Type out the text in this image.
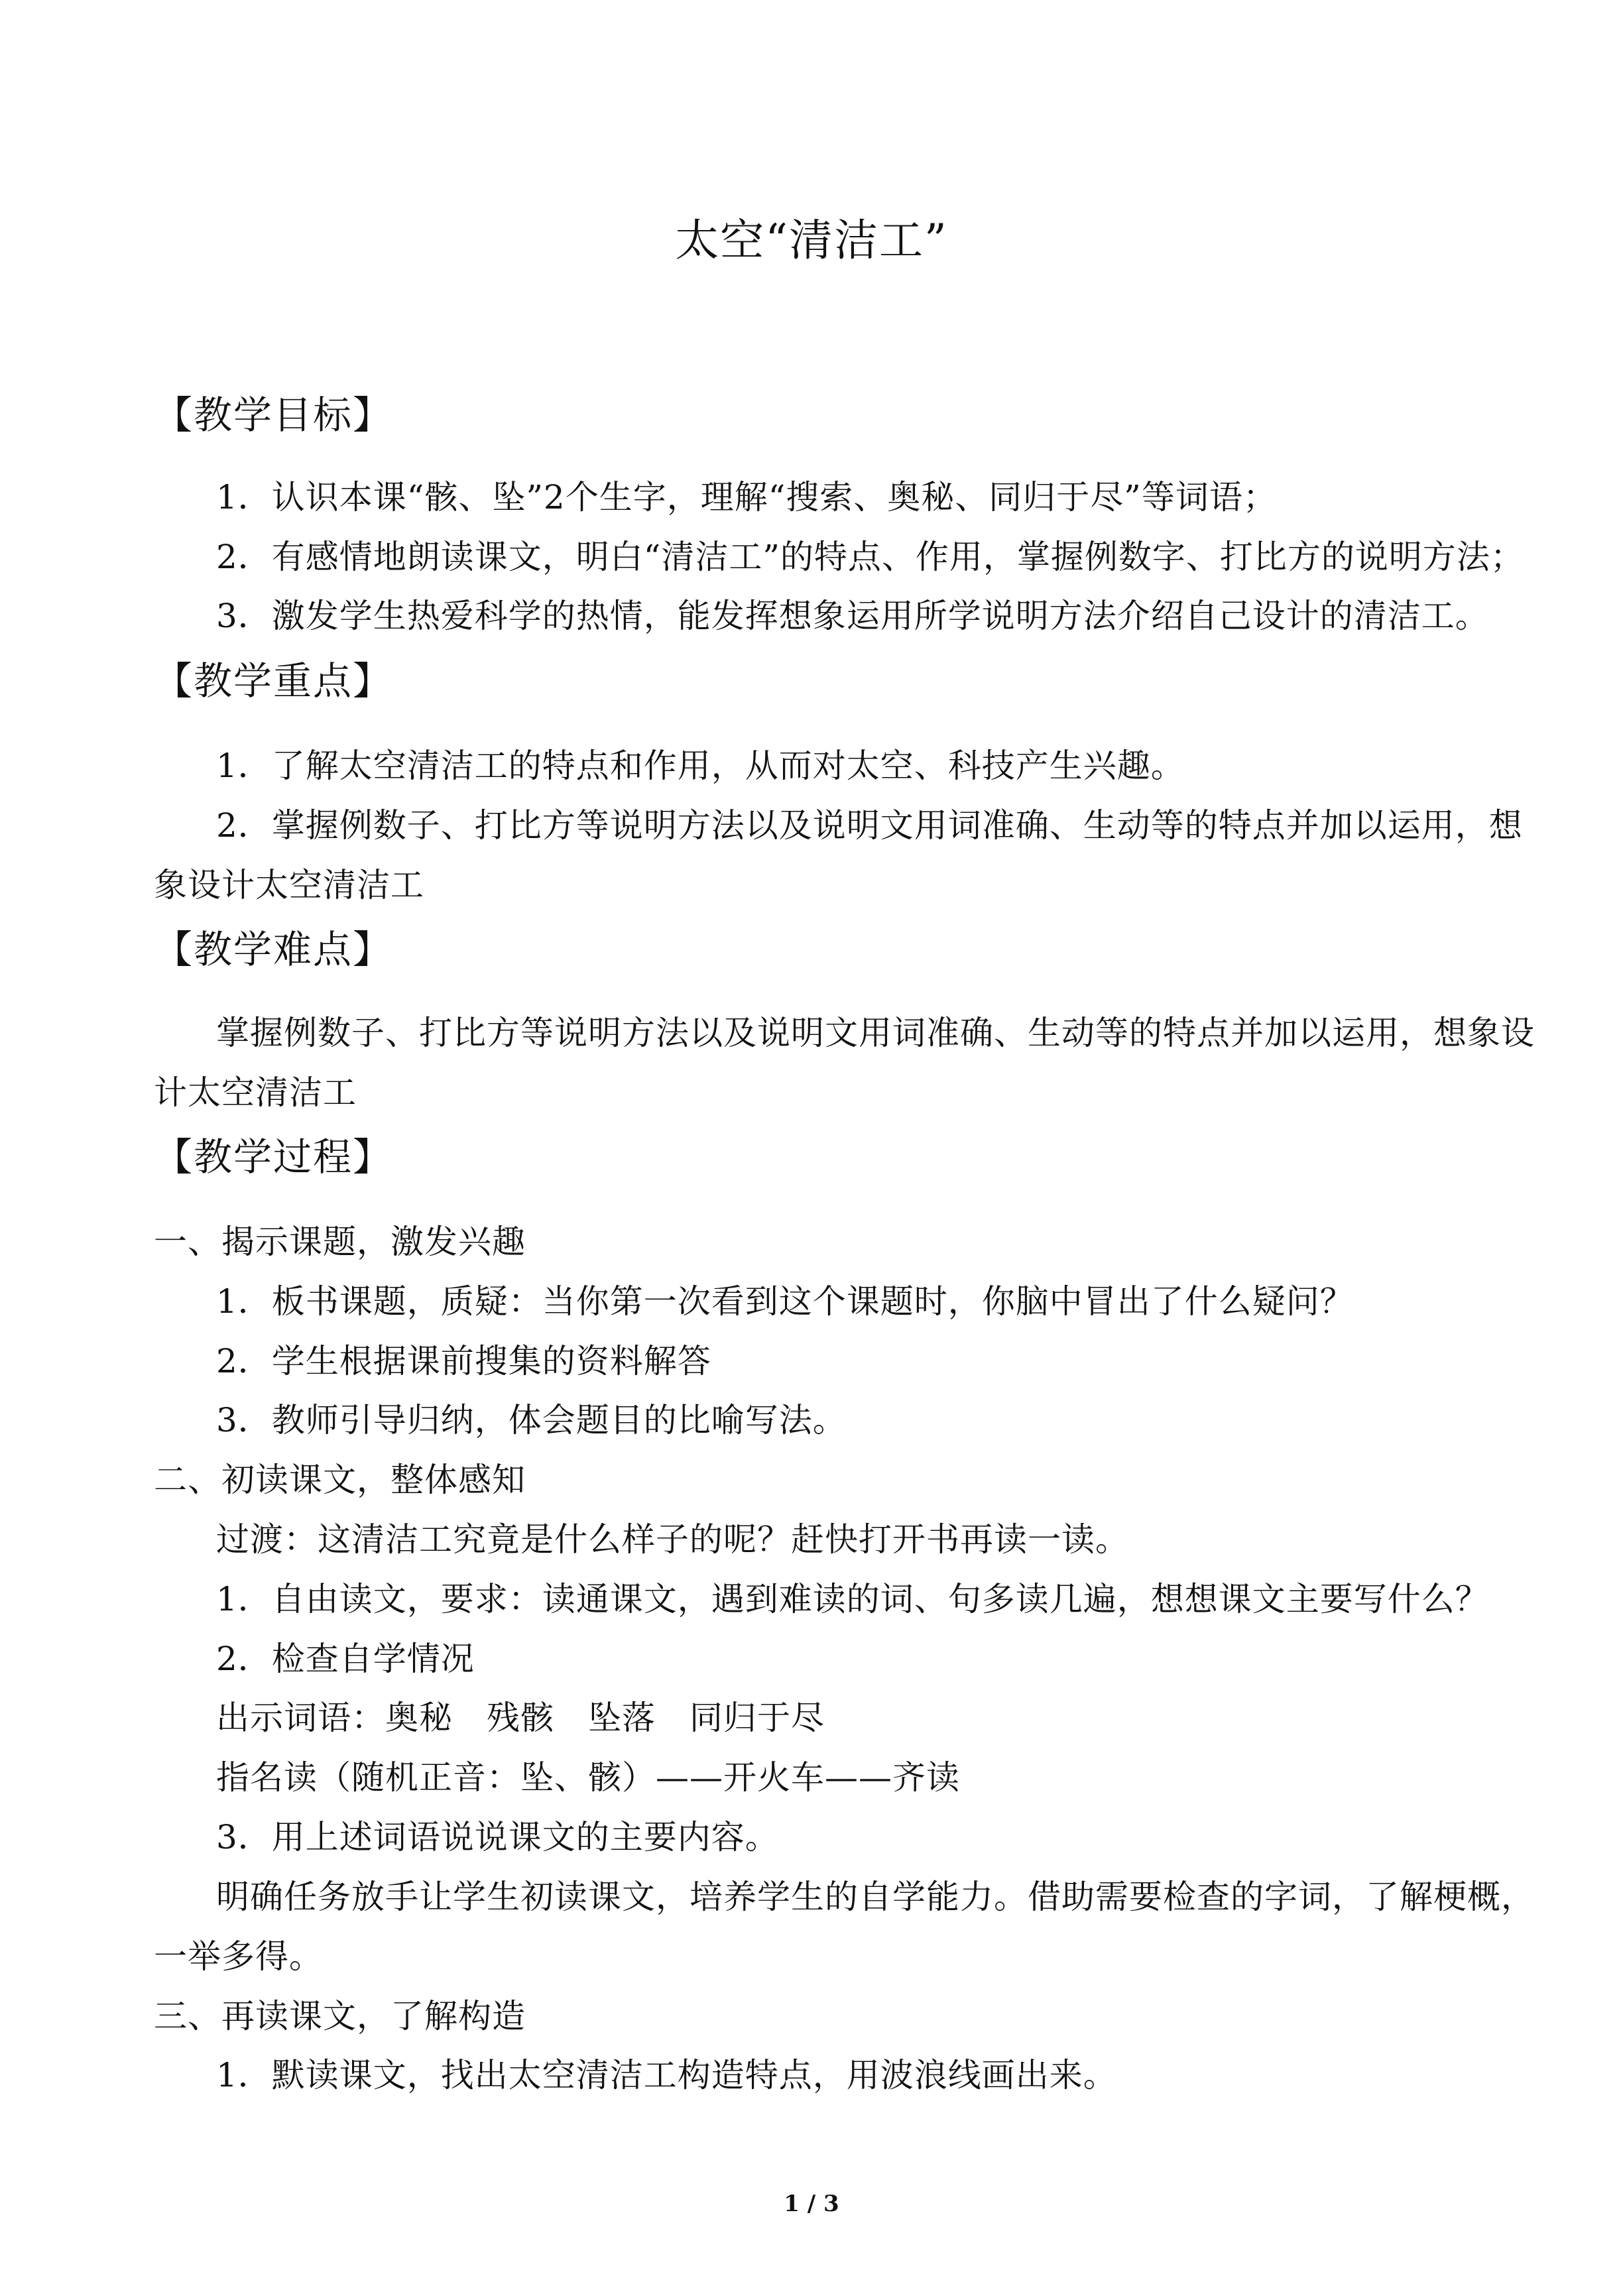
太空“清洁工”
【教学目标】
1．认识本课“骸、坠”2个生字，理解“搜索、奥秘、同归于尽”等词语；
2．有感情地朗读课文，明白“清洁工”的特点、作用，掌握例数字、打比方的说明方法；
3．激发学生热爱科学的热情，能发挥想象运用所学说明方法介绍自己设计的清洁工。
【教学重点】
1．了解太空清洁工的特点和作用，从而对太空、科技产生兴趣。
2．掌握例数子、打比方等说明方法以及说明文用词准确、生动等的特点并加以运用，想
象设计太空清洁工
【教学难点】
掌握例数子、打比方等说明方法以及说明文用词准确、生动等的特点并加以运用，想象设
计太空清洁工
【教学过程】
一、揭示课题，激发兴趣
1．板书课题，质疑：当你第一次看到这个课题时，你脑中冒出了什么疑问？
2．学生根据课前搜集的资料解答
3．教师引导归纳，体会题目的比喻写法。
二、初读课文，整体感知
过渡：这清洁工究竟是什么样子的呢？赶快打开书再读一读。
1．自由读文，要求：读通课文，遇到难读的词、句多读几遍，想想课文主要写什么？
2．检查自学情况
出示词语：奥秘　残骸　坠落　同归于尽
指名读（随机正音：坠、骸）——开火车——齐读
3．用上述词语说说课文的主要内容。
明确任务放手让学生初读课文，培养学生的自学能力。借助需要检查的字词，了解梗概，
一举多得。
三、再读课文，了解构造
1．默读课文，找出太空清洁工构造特点，用波浪线画出来。
1 / 3
